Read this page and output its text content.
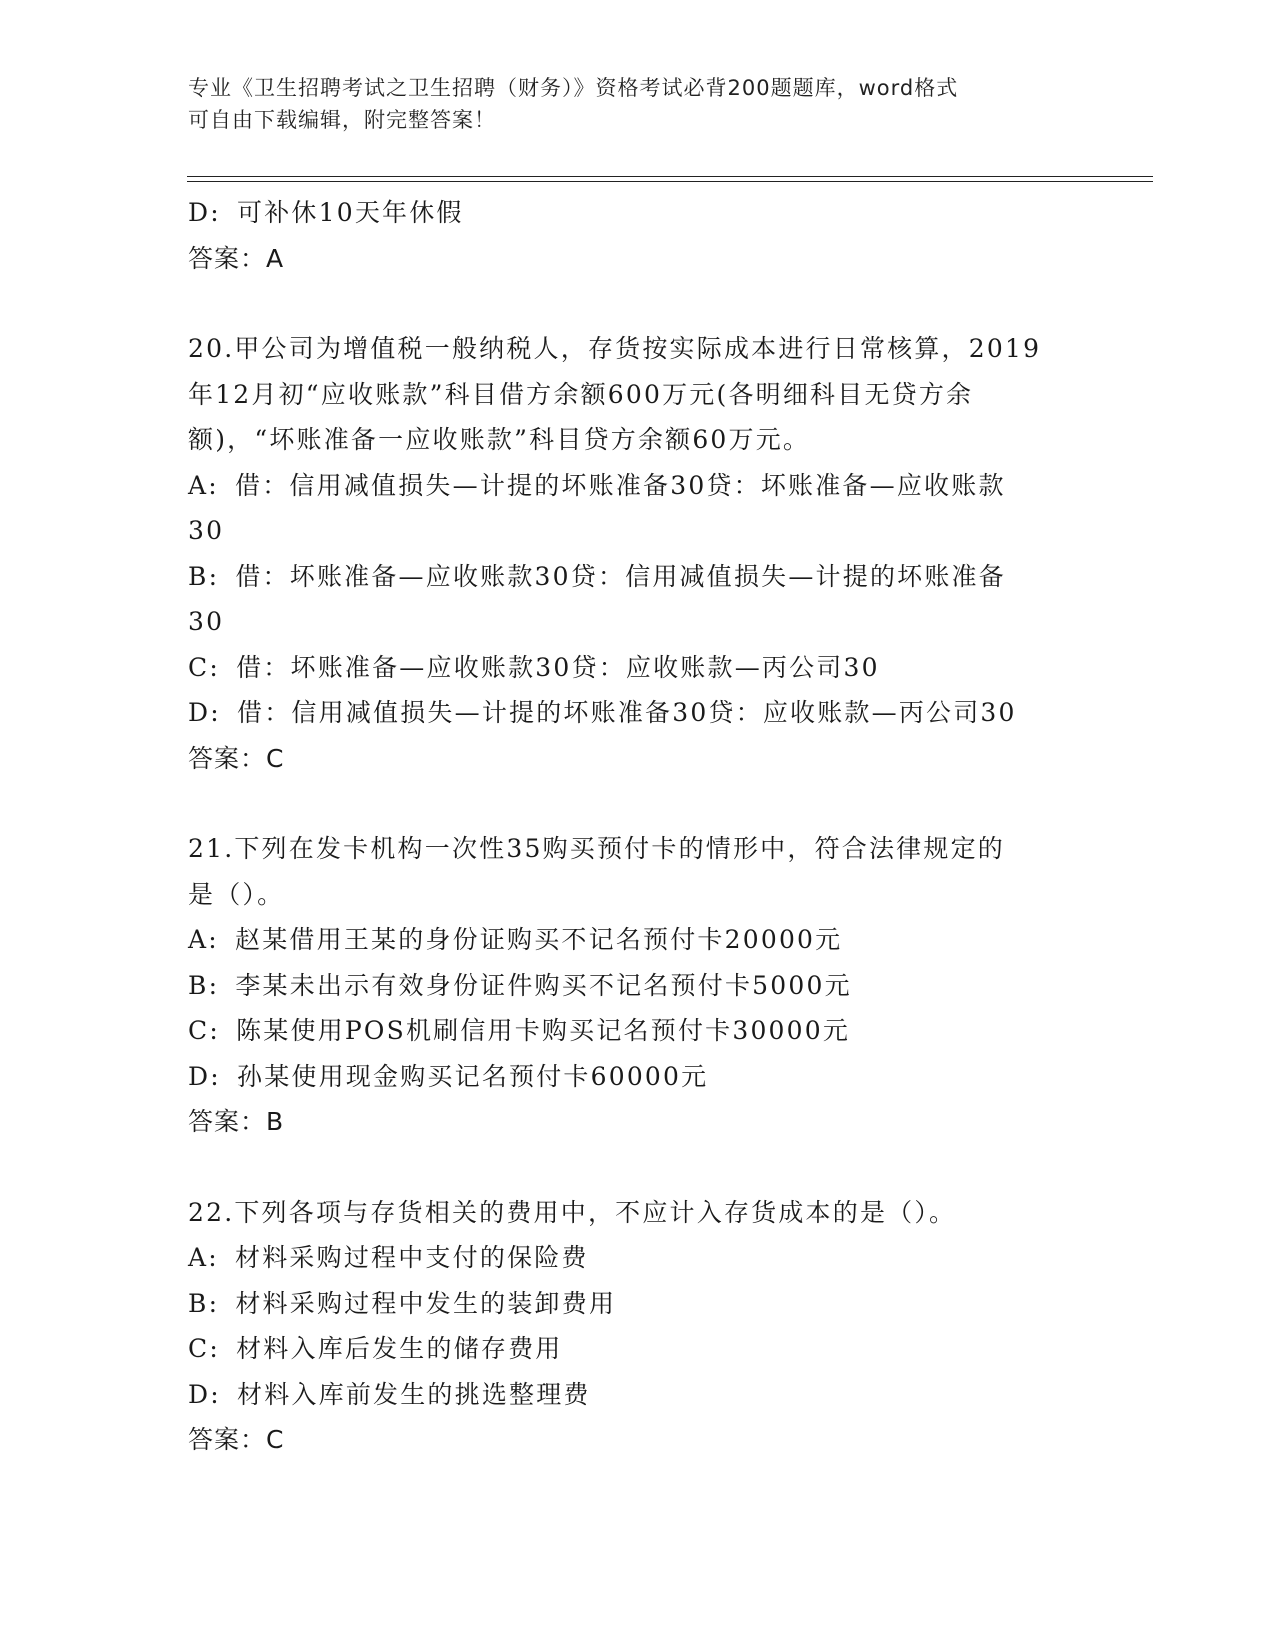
专业《卫生招聘考试之卫生招聘（财务）》资格考试必背200题题库，word格式
可自由下载编辑，附完整答案！
D: 可补休10天年休假
答案：A
20.甲公司为增值税一般纳税人，存货按实际成本进行日常核算，2019
年12月初“应收账款”科目借方余额600万元(各明细科目无贷方余
额)，“坏账准备一应收账款”科目贷方余额60万元。
A: 借：信用减值损失—计提的坏账准备30贷：坏账准备—应收账款
30
B: 借：坏账准备—应收账款30贷：信用减值损失—计提的坏账准备
30
C: 借：坏账准备—应收账款30贷：应收账款—丙公司30
D: 借：信用减值损失—计提的坏账准备30贷：应收账款—丙公司30
答案：C
21.下列在发卡机构一次性35购买预付卡的情形中，符合法律规定的
是（）。
A: 赵某借用王某的身份证购买不记名预付卡20000元
B: 李某未出示有效身份证件购买不记名预付卡5000元
C: 陈某使用POS机刷信用卡购买记名预付卡30000元
D: 孙某使用现金购买记名预付卡60000元
答案：B
22.下列各项与存货相关的费用中，不应计入存货成本的是（）。
A: 材料采购过程中支付的保险费
B: 材料采购过程中发生的装卸费用
C: 材料入库后发生的储存费用
D: 材料入库前发生的挑选整理费
答案：C
